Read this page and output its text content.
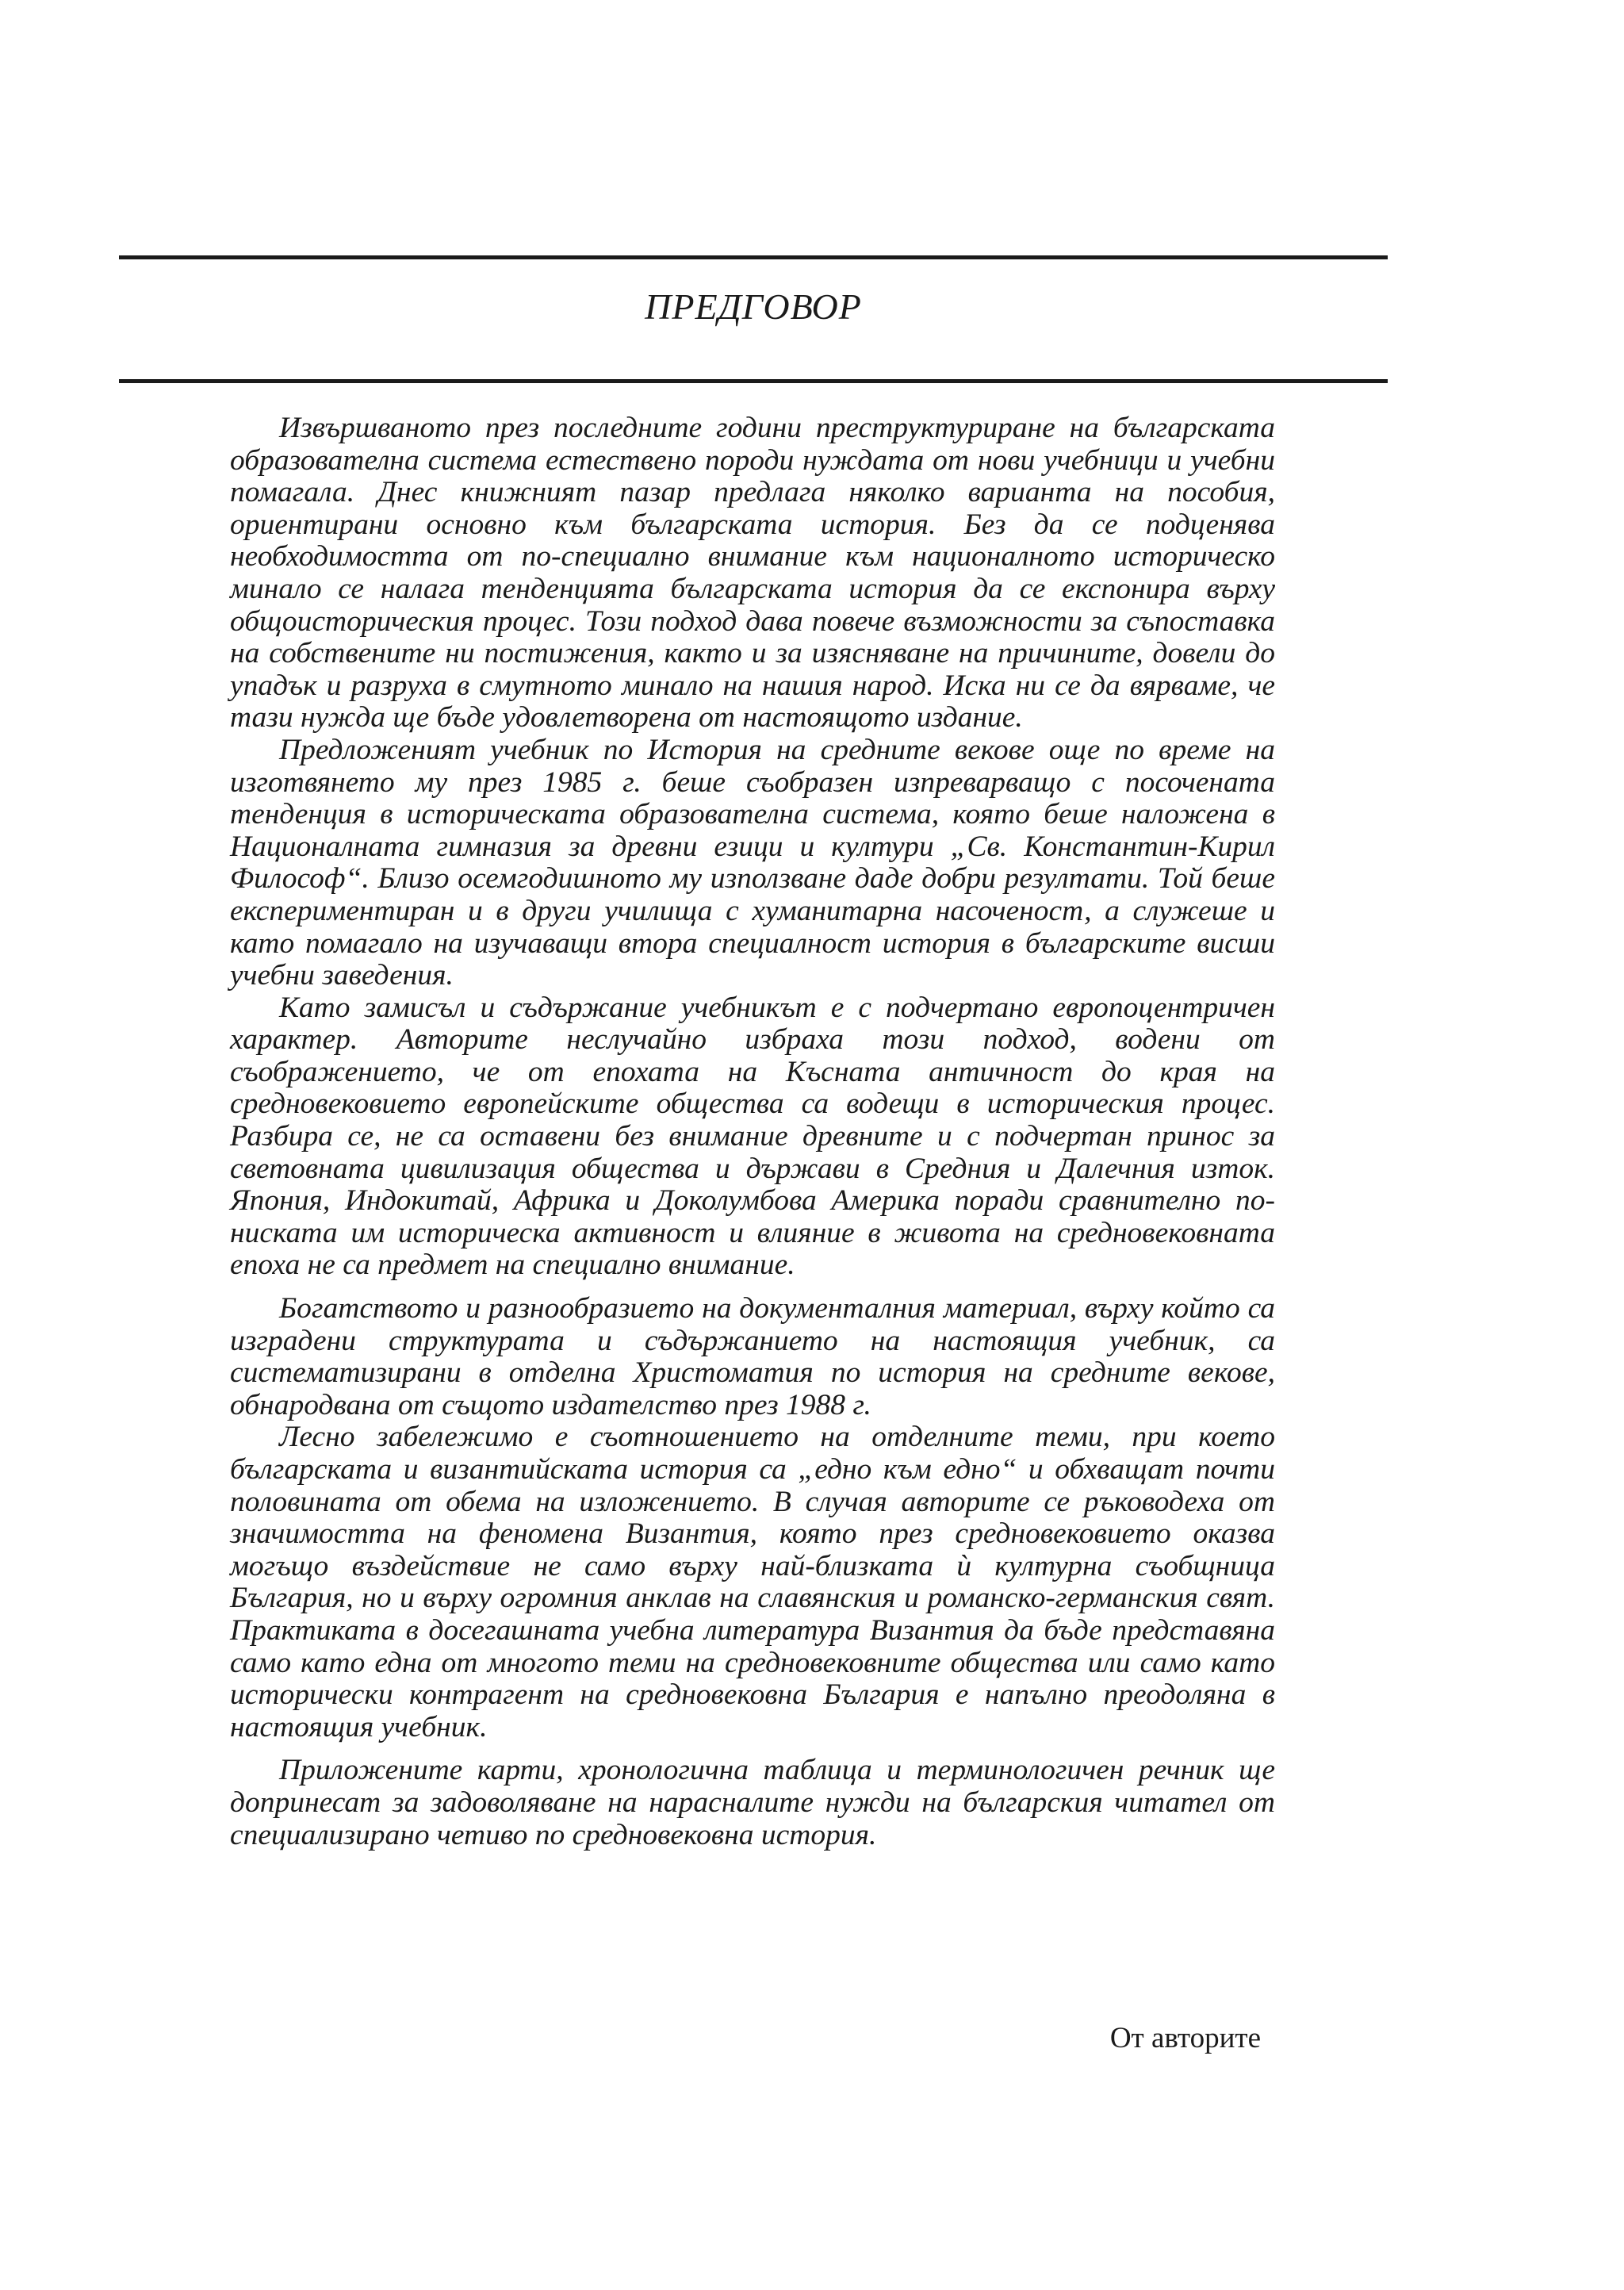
ПРЕДГОВОР

Извършваното през последните години преструктуриране на българската образователна система естествено породи нуждата от нови учебници и учебни помагала. Днес книжният пазар предлага няколко варианта на пособия, ориентирани основно към българската история. Без да се подценява необходимостта от по-специално внимание към националното историческо минало се налага тенденцията българската история да се експонира върху общоисторическия процес. Този подход дава повече възможности за съпоставка на собствените ни постижения, както и за изясняване на причините, довели до упадък и разруха в смутното минало на нашия народ. Иска ни се да вярваме, че тази нужда ще бъде удовлетворена от настоящото издание.

Предложеният учебник по История на средните векове още по време на изготвянето му през 1985 г. беше съобразен изпреварващо с посочената тенденция в историческата образователна система, която беше наложена в Националната гимназия за древни езици и култури „Св. Константин-Кирил Философ“. Близо осемгодишното му използване даде добри резултати. Той беше експериментиран и в други училища с хуманитарна насоченост, а служеше и като помагало на изучаващи втора специалност история в българските висши учебни заведения.

Като замисъл и съдържание учебникът е с подчертано европоцентричен характер. Авторите неслучайно избраха този подход, водени от съображението, че от епохата на Късната античност до края на средновековието европейските общества са водещи в историческия процес. Разбира се, не са оставени без внимание древните и с подчертан принос за световната цивилизация общества и държави в Средния и Далечния изток. Япония, Индокитай, Африка и Доколумбова Америка поради сравнително по-ниската им историческа активност и влияние в живота на средновековната епоха не са предмет на специално внимание.

Богатството и разнообразието на документалния материал, върху който са изградени структурата и съдържанието на настоящия учебник, са систематизирани в отделна Христоматия по история на средните векове, обнародвана от същото издателство през 1988 г.

Лесно забележимо е съотношението на отделните теми, при което българската и византийската история са „едно към едно“ и обхващат почти половината от обема на изложението. В случая авторите се ръководеха от значимостта на феномена Византия, която през средновековието оказва могъщо въздействие не само върху най-близката ѝ културна съобщница България, но и върху огромния анклав на славянския и романско-германския свят. Практиката в досегашната учебна литература Византия да бъде представяна само като една от многото теми на средновековните общества или само като исторически контрагент на средновековна България е напълно преодоляна в настоящия учебник.

Приложените карти, хронологична таблица и терминологичен речник ще допринесат за задоволяване на нарасналите нужди на българския читател от специализирано четиво по средновековна история.

От авторите
